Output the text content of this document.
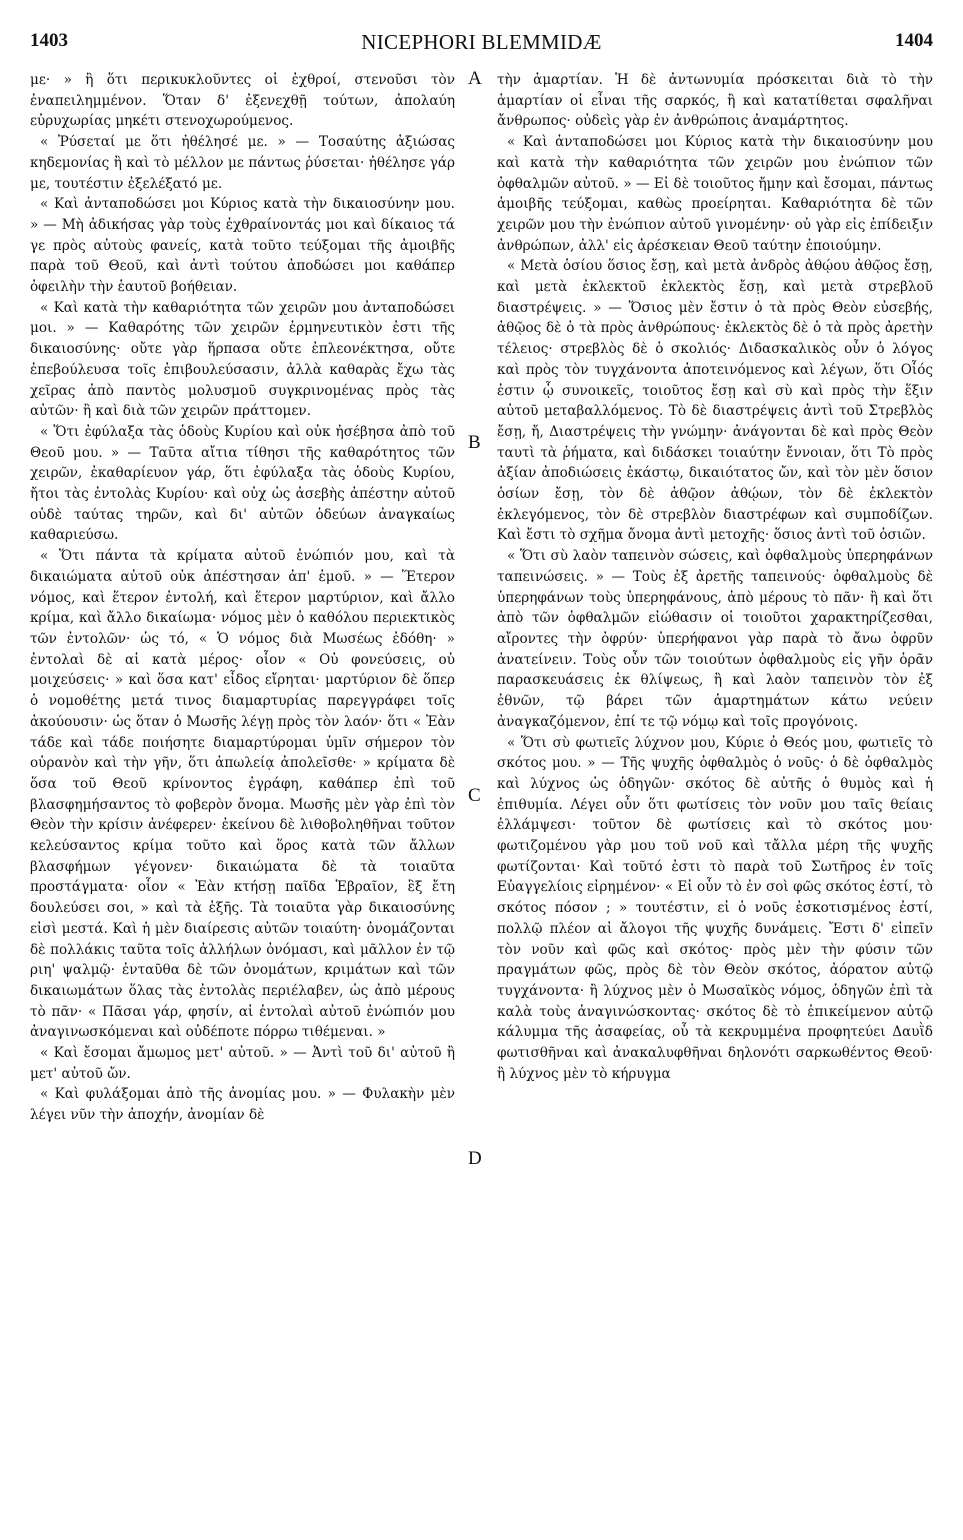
1403	NICEPHORI BLEMMIDÆ	1404
A
B
C
D

με· » ἢ ὅτι περικυκλοῦντες οἱ ἐχθροί, στενοῦσι τὸν ἐναπειλημμένον. Ὅταν δ' ἐξενεχθῇ τούτων, ἀπολαύη εὐρυχωρίας μηκέτι στενοχωρούμενος.

« Ῥύσεταί με ὅτι ἠθέλησέ με. » — Τοσαύτης ἀξιώσας κηδεμονίας ἢ καὶ τὸ μέλλον με πάντως ῥύσεται· ἠθέλησε γάρ με, τουτέστιν ἐξελέξατό με.

« Καὶ ἀνταποδώσει μοι Κύριος κατὰ τὴν δικαιοσύνην μου. » — Μὴ ἀδικήσας γὰρ τοὺς ἐχθραίνοντάς μοι καὶ δίκαιος τά γε πρὸς αὐτοὺς φανείς, κατὰ τοῦτο τεύξομαι τῆς ἀμοιβῆς παρὰ τοῦ Θεοῦ, καὶ ἀντὶ τούτου ἀποδώσει μοι καθάπερ ὀφειλὴν τὴν ἑαυτοῦ βοήθειαν.

« Καὶ κατὰ τὴν καθαριότητα τῶν χειρῶν μου ἀνταποδώσει μοι. » — Καθαρότης τῶν χειρῶν ἑρμηνευτικὸν ἐστι τῆς δικαιοσύνης· οὔτε γὰρ ἥρπασα οὔτε ἐπλεονέκτησα, οὔτε ἐπεβούλευσα τοῖς ἐπιβουλεύσασιν, ἀλλὰ καθαρὰς ἔχω τὰς χεῖρας ἀπὸ παντὸς μολυσμοῦ συγκρινομένας πρὸς τὰς αὐτῶν· ἢ καὶ διὰ τῶν χειρῶν πράττομεν.

« Ὅτι ἐφύλαξα τὰς ὁδοὺς Κυρίου καὶ οὐκ ἠσέβησα ἀπὸ τοῦ Θεοῦ μου. » — Ταῦτα αἴτια τίθησι τῆς καθαρότητος τῶν χειρῶν, ἐκαθαρίευον γάρ, ὅτι ἐφύλαξα τὰς ὁδοὺς Κυρίου, ἤτοι τὰς ἐντολὰς Κυρίου· καὶ οὐχ ὡς ἀσεβὴς ἀπέστην αὐτοῦ οὐδὲ ταύτας τηρῶν, καὶ δι' αὐτῶν ὁδεύων ἀναγκαίως καθαριεύσω.

« Ὅτι πάντα τὰ κρίματα αὐτοῦ ἐνώπιόν μου, καὶ τὰ δικαιώματα αὐτοῦ οὐκ ἀπέστησαν ἀπ' ἐμοῦ. » — Ἕτερον νόμος, καὶ ἕτερον ἐντολή, καὶ ἕτερον μαρτύριον, καὶ ἄλλο κρίμα, καὶ ἄλλο δικαίωμα· νόμος μὲν ὁ καθόλου περιεκτικὸς τῶν ἐντολῶν· ὡς τό, « Ὁ νόμος διὰ Μωσέως ἐδόθη· » ἐντολαὶ δὲ αἱ κατὰ μέρος· οἷον « Οὐ φονεύσεις, οὐ μοιχεύσεις· » καὶ ὅσα κατ' εἶδος εἴρηται· μαρτύριον δὲ ὅπερ ὁ νομοθέτης μετά τινος διαμαρτυρίας παρεγγράφει τοῖς ἀκούουσιν· ὡς ὅταν ὁ Μωσῆς λέγῃ πρὸς τὸν λαόν· ὅτι « Ἐὰν τάδε καὶ τάδε ποιήσητε διαμαρτύρομαι ὑμῖν σήμερον τὸν οὐρανὸν καὶ τὴν γῆν, ὅτι ἀπωλείᾳ ἀπολεῖσθε· » κρίματα δὲ ὅσα τοῦ Θεοῦ κρίνοντος ἐγράφη, καθάπερ ἐπὶ τοῦ βλασφημήσαντος τὸ φοβερὸν ὄνομα. Μωσῆς μὲν γὰρ ἐπὶ τὸν Θεὸν τὴν κρίσιν ἀνέφερεν· ἐκείνου δὲ λιθοβοληθῆναι τοῦτον κελεύσαντος κρίμα τοῦτο καὶ ὅρος κατὰ τῶν ἄλλων βλασφήμων γέγονεν· δικαιώματα δὲ τὰ τοιαῦτα προστάγματα· οἷον « Ἐὰν κτήσῃ παῖδα Ἑβραῖον, ἓξ ἔτη δουλεύσει σοι, » καὶ τὰ ἑξῆς. Τὰ τοιαῦτα γὰρ δικαιοσύνης εἰσὶ μεστά. Καὶ ἡ μὲν διαίρεσις αὐτῶν τοιαύτη· ὀνομάζονται δὲ πολλάκις ταῦτα τοῖς ἀλλήλων ὀνόμασι, καὶ μᾶλλον ἐν τῷ ριη' ψαλμῷ· ἐνταῦθα δὲ τῶν ὀνομάτων, κριμάτων καὶ τῶν δικαιωμάτων ὅλας τὰς ἐντολὰς περιέλαβεν, ὡς ἀπὸ μέρους τὸ πᾶν· « Πᾶσαι γάρ, φησίν, αἱ ἐντολαὶ αὐτοῦ ἐνώπιόν μου ἀναγινωσκόμεναι καὶ οὐδέποτε πόρρω τιθέμεναι. »

« Καὶ ἔσομαι ἄμωμος μετ' αὐτοῦ. » — Ἀντὶ τοῦ δι' αὐτοῦ ἢ μετ' αὐτοῦ ὤν.

« Καὶ φυλάξομαι ἀπὸ τῆς ἀνομίας μου. » — Φυλακὴν μὲν λέγει νῦν τὴν ἀποχήν, ἀνομίαν δὲ

τὴν ἁμαρτίαν. Ἡ δὲ ἀντωνυμία πρόσκειται διὰ τὸ τὴν ἁμαρτίαν οἱ εἶναι τῆς σαρκός, ἢ καὶ κατατίθεται σφαλῆναι ἄνθρωπος· οὐδεὶς γὰρ ἐν ἀνθρώποις ἀναμάρτητος.

« Καὶ ἀνταποδώσει μοι Κύριος κατὰ τὴν δικαιοσύνην μου καὶ κατὰ τὴν καθαριότητα τῶν χειρῶν μου ἐνώπιον τῶν ὀφθαλμῶν αὐτοῦ. » — Εἰ δὲ τοιοῦτος ἤμην καὶ ἔσομαι, πάντως ἀμοιβῆς τεύξομαι, καθὼς προείρηται. Καθαριότητα δὲ τῶν χειρῶν μου τὴν ἐνώπιον αὐτοῦ γινομένην· οὐ γὰρ εἰς ἐπίδειξιν ἀνθρώπων, ἀλλ' εἰς ἀρέσκειαν Θεοῦ ταύτην ἐποιούμην.

« Μετὰ ὁσίου ὅσιος ἔσῃ, καὶ μετὰ ἀνδρὸς ἀθῴου ἀθῷος ἔσῃ, καὶ μετὰ ἐκλεκτοῦ ἐκλεκτὸς ἔσῃ, καὶ μετὰ στρεβλοῦ διαστρέψεις. » — Ὅσιος μὲν ἔστιν ὁ τὰ πρὸς Θεὸν εὐσεβής, ἀθῷος δὲ ὁ τὰ πρὸς ἀνθρώπους· ἐκλεκτὸς δὲ ὁ τὰ πρὸς ἀρετὴν τέλειος· στρεβλὸς δὲ ὁ σκολιός· Διδασκαλικὸς οὖν ὁ λόγος καὶ πρὸς τὸν τυγχάνοντα ἀποτεινόμενος καὶ λέγων, ὅτι Οἷός ἐστιν ᾧ συνοικεῖς, τοιοῦτος ἔσῃ καὶ σὺ καὶ πρὸς τὴν ἕξιν αὐτοῦ μεταβαλλόμενος. Τὸ δὲ διαστρέψεις ἀντὶ τοῦ Στρεβλὸς ἔσῃ, ἤ, Διαστρέψεις τὴν γνώμην· ἀνάγονται δὲ καὶ πρὸς Θεὸν ταυτὶ τὰ ῥήματα, καὶ διδάσκει τοιαύτην ἔννοιαν, ὅτι Τὸ πρὸς ἀξίαν ἀποδιώσεις ἑκάστῳ, δικαιότατος ὤν, καὶ τὸν μὲν ὅσιον ὁσίων ἔσῃ, τὸν δὲ ἀθῷον ἀθῴων, τὸν δὲ ἐκλεκτὸν ἐκλεγόμενος, τὸν δὲ στρεβλὸν διαστρέφων καὶ συμποδίζων. Καὶ ἔστι τὸ σχῆμα ὄνομα ἀντὶ μετοχῆς· ὅσιος ἀντὶ τοῦ ὁσιῶν.

« Ὅτι σὺ λαὸν ταπεινὸν σώσεις, καὶ ὀφθαλμοὺς ὑπερηφάνων ταπεινώσεις. » — Τοὺς ἐξ ἀρετῆς ταπεινούς· ὀφθαλμοὺς δὲ ὑπερηφάνων τοὺς ὑπερηφάνους, ἀπὸ μέρους τὸ πᾶν· ἢ καὶ ὅτι ἀπὸ τῶν ὀφθαλμῶν εἰώθασιν οἱ τοιοῦτοι χαρακτηρίζεσθαι, αἴροντες τὴν ὀφρύν· ὑπερήφανοι γὰρ παρὰ τὸ ἄνω ὀφρῦν ἀνατείνειν. Τοὺς οὖν τῶν τοιούτων ὀφθαλμοὺς εἰς γῆν ὁρᾶν παρασκευάσεις ἐκ θλίψεως, ἢ καὶ λαὸν ταπεινὸν τὸν ἐξ ἐθνῶν, τῷ βάρει τῶν ἁμαρτημάτων κάτω νεύειν ἀναγκαζόμενον, ἐπί τε τῷ νόμῳ καὶ τοῖς προγόνοις.

« Ὅτι σὺ φωτιεῖς λύχνον μου, Κύριε ὁ Θεός μου, φωτιεῖς τὸ σκότος μου. » — Τῆς ψυχῆς ὀφθαλμὸς ὁ νοῦς· ὁ δὲ ὀφθαλμὸς καὶ λύχνος ὡς ὁδηγῶν· σκότος δὲ αὐτῆς ὁ θυμὸς καὶ ἡ ἐπιθυμία. Λέγει οὖν ὅτι φωτίσεις τὸν νοῦν μου ταῖς θείαις ἐλλάμψεσι· τοῦτον δὲ φωτίσεις καὶ τὸ σκότος μου· φωτιζομένου γὰρ μου τοῦ νοῦ καὶ τἄλλα μέρη τῆς ψυχῆς φωτίζονται· Καὶ τοῦτό ἐστι τὸ παρὰ τοῦ Σωτῆρος ἐν τοῖς Εὐαγγελίοις εἰρημένον· « Εἰ οὖν τὸ ἐν σοὶ φῶς σκότος ἐστί, τὸ σκότος πόσον ; » τουτέστιν, εἰ ὁ νοῦς ἐσκοτισμένος ἐστί, πολλῷ πλέον αἱ ἄλογοι τῆς ψυχῆς δυνάμεις. Ἔστι δ' εἰπεῖν τὸν νοῦν καὶ φῶς καὶ σκότος· πρὸς μὲν τὴν φύσιν τῶν πραγμάτων φῶς, πρὸς δὲ τὸν Θεὸν σκότος, ἀόρατον αὐτῷ τυγχάνοντα· ἢ λύχνος μὲν ὁ Μωσαϊκὸς νόμος, ὁδηγῶν ἐπὶ τὰ καλὰ τοὺς ἀναγινώσκοντας· σκότος δὲ τὸ ἐπικείμενον αὐτῷ κάλυμμα τῆς ἀσαφείας, οὗ τὰ κεκρυμμένα προφητεύει Δαυῒδ φωτισθῆναι καὶ ἀνακαλυφθῆναι δηλονότι σαρκωθέντος Θεοῦ· ἢ λύχνος μὲν τὸ κήρυγμα
